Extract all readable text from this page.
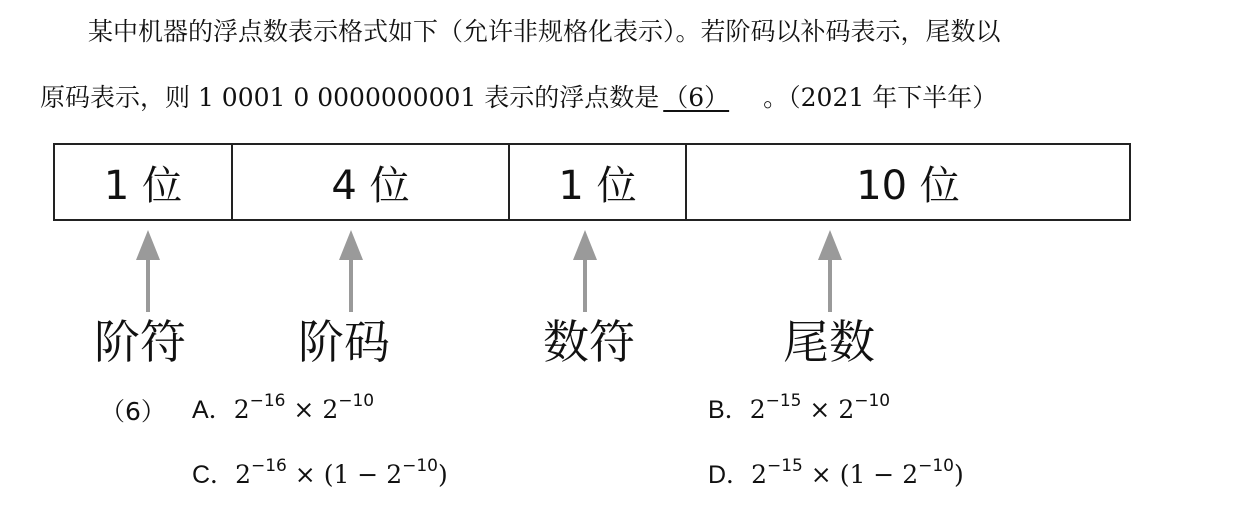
某中机器的浮点数表示格式如下（允许非规格化表示）。若阶码以补码表示，尾数以
原码表示，则 1 0001 0 0000000001 表示的浮点数是 （6） 。（2021 年下半年）
1 位	4 位	1 位	10 位
阶符 阶码	数符	尾数
（6） A．$2^{-16} \times 2^{-10}$	B．$2^{-15} \times 2^{-10}$
C．$2^{-16} \times (1 - 2^{-10})$	D．$2^{-15} \times (1 - 2^{-10})$
